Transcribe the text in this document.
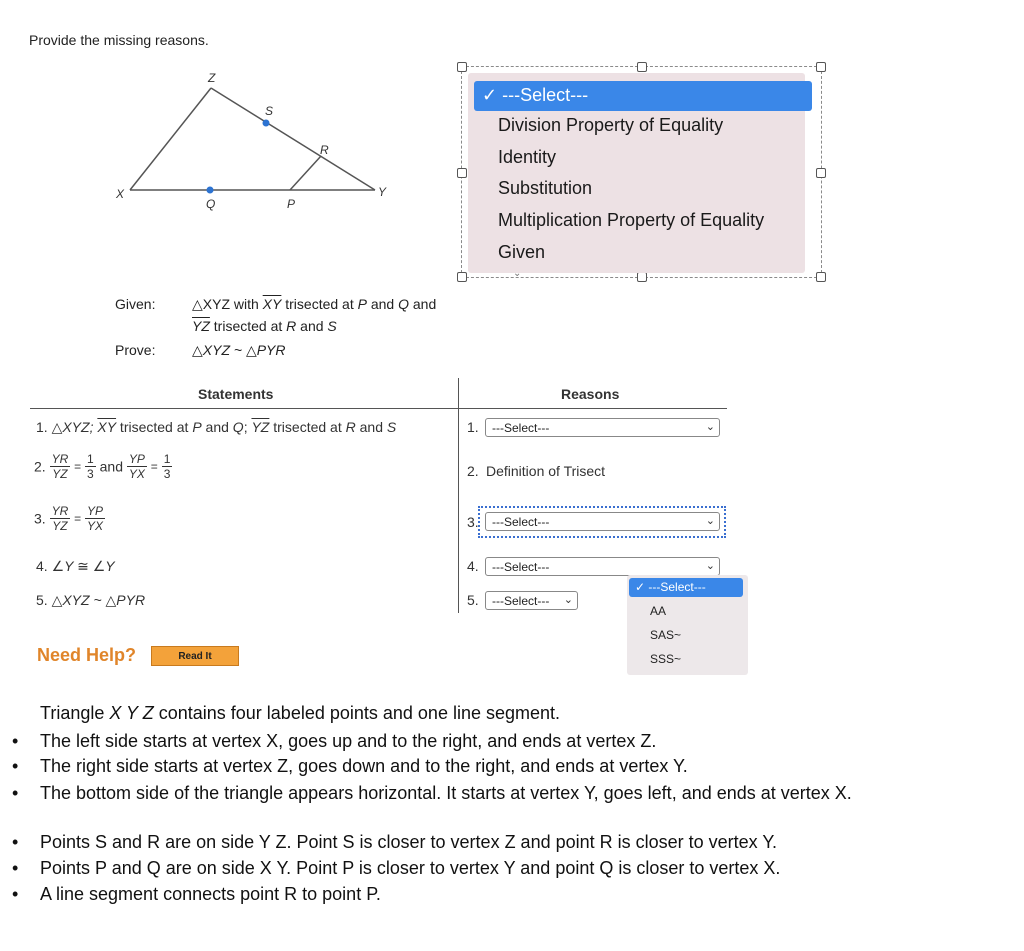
Provide the missing reasons.
Z
S
R
X
Q	P
Y
✓ ---Select---
Division Property of Equality
Identity
Substitution
Multiplication Property of Equality
Given
⌄
Given:	△XYZ with $\overline{XY}$ trisected at P and Q and
$\overline{YZ}$ trisected at R and S
Prove:	△XYZ ~ △PYR
Statements	Reasons
1. △XYZ; $\overline{XY}$ trisected at P and Q; $\overline{YZ}$ trisected at R and S	1.	---Select---	⌄
2. $\frac{YR}{YZ} = \frac{1}{3}$ and $\frac{YP}{YX} = \frac{1}{3}$	2. Definition of Trisect
3. $\frac{YR}{YZ} = \frac{YP}{YX}$	3.	---Select---	⌄
4. ∠Y ≅ ∠Y	4.	---Select---	⌄
5. △XYZ ~ △PYR	5.	---Select--- ⌄
✓ ---Select---
AA
SAS~
SSS~
Need Help?	Read It
Triangle X Y Z contains four labeled points and one line segment.
• The left side starts at vertex X, goes up and to the right, and ends at vertex Z.
• The right side starts at vertex Z, goes down and to the right, and ends at vertex Y.
• The bottom side of the triangle appears horizontal. It starts at vertex Y, goes left, and ends at vertex X.
• Points S and R are on side Y Z. Point S is closer to vertex Z and point R is closer to vertex Y.
• Points P and Q are on side X Y. Point P is closer to vertex Y and point Q is closer to vertex X.
• A line segment connects point R to point P.
